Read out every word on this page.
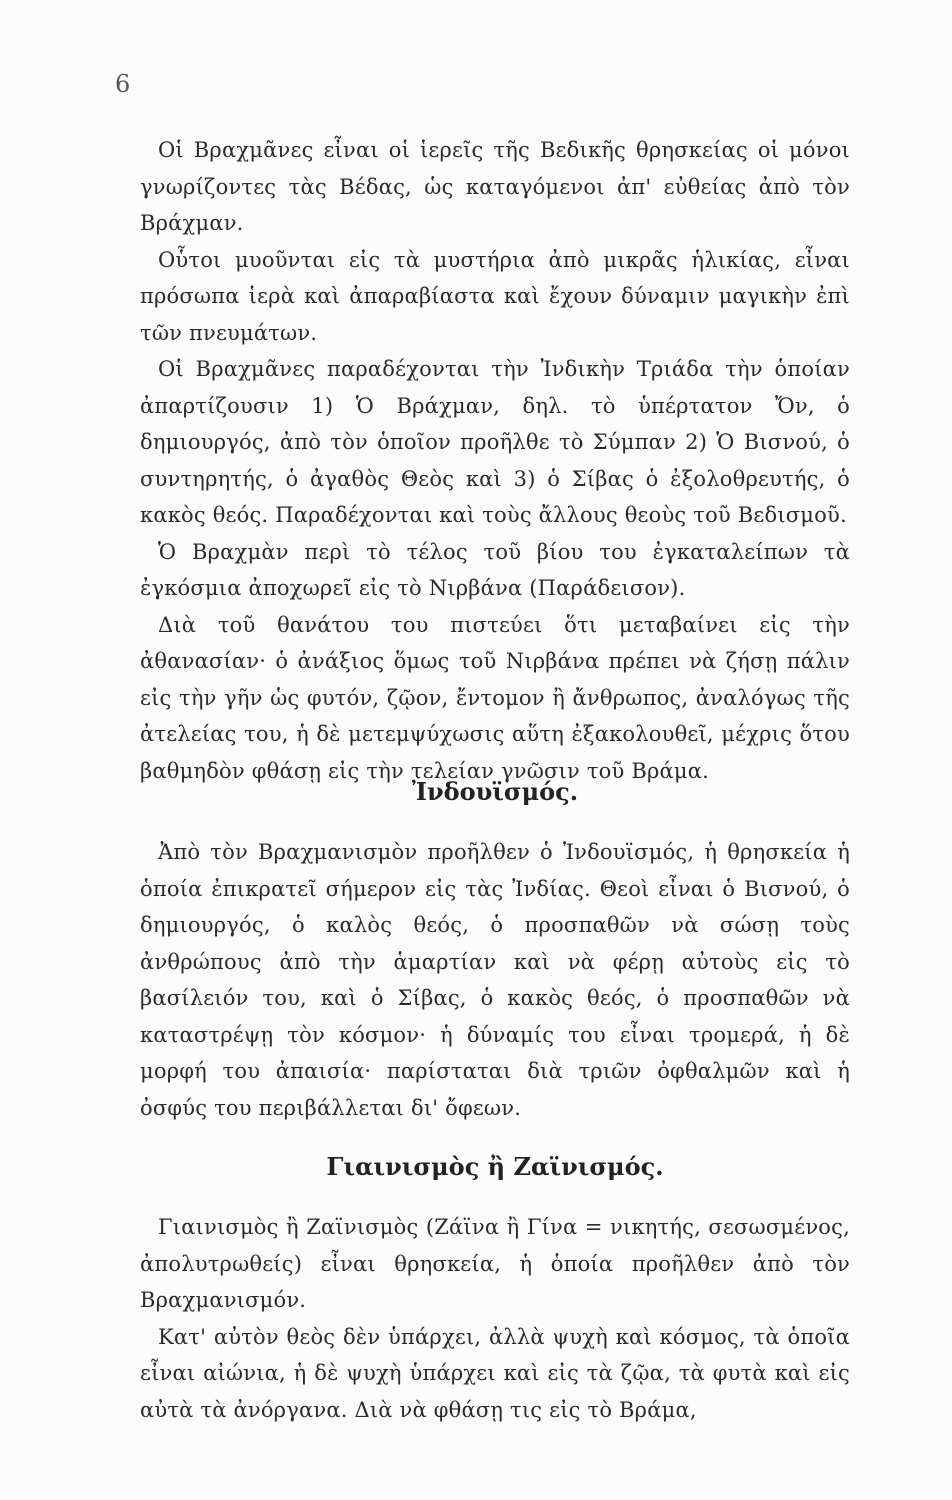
6

Οἱ Βραχμᾶνες εἶναι οἱ ἱερεῖς τῆς Βεδικῆς θρησκείας οἱ μόνοι γνωρίζοντες τὰς Βέδας, ὡς καταγόμενοι ἀπ' εὐθείας ἀπὸ τὸν Βράχμαν.

Οὗτοι μυοῦνται εἰς τὰ μυστήρια ἀπὸ μικρᾶς ἡλικίας, εἶναι πρόσωπα ἱερὰ καὶ ἀπαραβίαστα καὶ ἔχουν δύναμιν μαγικὴν ἐπὶ τῶν πνευμάτων.

Οἱ Βραχμᾶνες παραδέχονται τὴν Ἰνδικὴν Τριάδα τὴν ὁποίαν ἀπαρτίζουσιν 1) Ὁ Βράχμαν, δηλ. τὸ ὑπέρτατον Ὄν, ὁ δημιουργός, ἀπὸ τὸν ὁποῖον προῆλθε τὸ Σύμπαν 2) Ὁ Βισνού, ὁ συντηρητής, ὁ ἀγαθὸς Θεὸς καὶ 3) ὁ Σίβας ὁ ἐξολοθρευτής, ὁ κακὸς θεός. Παραδέχονται καὶ τοὺς ἄλλους θεοὺς τοῦ Βεδισμοῦ.

Ὁ Βραχμὰν περὶ τὸ τέλος τοῦ βίου του ἐγκαταλείπων τὰ ἐγκόσμια ἀποχωρεῖ εἰς τὸ Νιρβάνα (Παράδεισον).

Διὰ τοῦ θανάτου του πιστεύει ὅτι μεταβαίνει εἰς τὴν ἀθανασίαν· ὁ ἀνάξιος ὅμως τοῦ Νιρβάνα πρέπει νὰ ζήσῃ πάλιν εἰς τὴν γῆν ὡς φυτόν, ζῷον, ἔντομον ἢ ἄνθρωπος, ἀναλόγως τῆς ἀτελείας του, ἡ δὲ μετεμψύχωσις αὕτη ἐξακολουθεῖ, μέχρις ὅτου βαθμηδὸν φθάσῃ εἰς τὴν τελείαν γνῶσιν τοῦ Βράμα.

Ἰνδουϊσμός.

Ἀπὸ τὸν Βραχμανισμὸν προῆλθεν ὁ Ἰνδουϊσμός, ἡ θρησκεία ἡ ὁποία ἐπικρατεῖ σήμερον εἰς τὰς Ἰνδίας. Θεοὶ εἶναι ὁ Βισνού, ὁ δημιουργός, ὁ καλὸς θεός, ὁ προσπαθῶν νὰ σώσῃ τοὺς ἀνθρώπους ἀπὸ τὴν ἁμαρτίαν καὶ νὰ φέρῃ αὐτοὺς εἰς τὸ βασίλειόν του, καὶ ὁ Σίβας, ὁ κακὸς θεός, ὁ προσπαθῶν νὰ καταστρέψῃ τὸν κόσμον· ἡ δύναμίς του εἶναι τρομερά, ἡ δὲ μορφή του ἀπαισία· παρίσταται διὰ τριῶν ὀφθαλμῶν καὶ ἡ ὀσφύς του περιβάλλεται δι' ὄφεων.

Γιαινισμὸς ἢ Ζαϊνισμός.

Γιαινισμὸς ἢ Ζαϊνισμὸς (Ζάϊνα ἢ Γίνα = νικητής, σεσωσμένος, ἀπολυτρωθείς) εἶναι θρησκεία, ἡ ὁποία προῆλθεν ἀπὸ τὸν Βραχμανισμόν.

Κατ' αὐτὸν θεὸς δὲν ὑπάρχει, ἀλλὰ ψυχὴ καὶ κόσμος, τὰ ὁποῖα εἶναι αἰώνια, ἡ δὲ ψυχὴ ὑπάρχει καὶ εἰς τὰ ζῷα, τὰ φυτὰ καὶ εἰς αὐτὰ τὰ ἀνόργανα. Διὰ νὰ φθάσῃ τις εἰς τὸ Βράμα,
